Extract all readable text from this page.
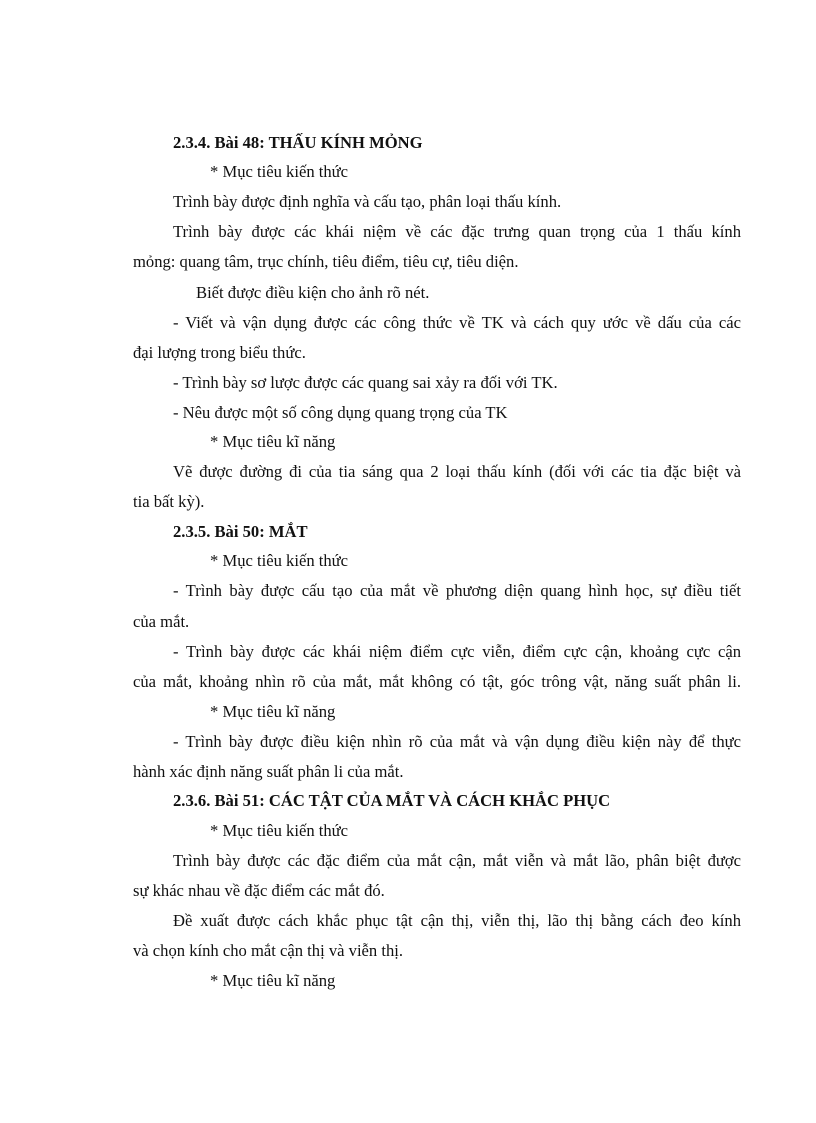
2.3.4. Bài 48: THẤU KÍNH MỎNG
* Mục tiêu kiến thức
Trình bày được định nghĩa và cấu tạo, phân loại thấu kính.
Trình bày được các khái niệm về các đặc trưng quan trọng của 1 thấu kính
mỏng: quang tâm, trục chính, tiêu điểm, tiêu cự, tiêu diện.
Biết được điều kiện cho ảnh rõ nét.
- Viết và vận dụng được các công thức về TK và cách quy ước về dấu của các
đại lượng trong biểu thức.
- Trình bày sơ lược được các quang sai xảy ra đối với TK.
- Nêu được một số công dụng quang trọng của TK
* Mục tiêu kĩ năng
Vẽ được đường đi của tia sáng qua 2 loại thấu kính (đối với các tia đặc biệt và
tia bất kỳ).
2.3.5. Bài 50: MẮT
* Mục tiêu kiến thức
- Trình bày được cấu tạo của mắt về phương diện quang hình học, sự điều tiết
của mắt.
- Trình bày được các khái niệm điểm cực viễn, điểm cực cận, khoảng cực cận
của mắt, khoảng nhìn rõ của mắt, mắt không có tật, góc trông vật, năng suất phân li.
* Mục tiêu kĩ năng
- Trình bày được điều kiện nhìn rõ của mắt và vận dụng điều kiện này để thực
hành xác định năng suất phân li của mắt.
2.3.6. Bài 51: CÁC TẬT CỦA MẮT VÀ CÁCH KHẮC PHỤC
* Mục tiêu kiến thức
Trình bày được các đặc điểm của mắt cận, mắt viễn và mắt lão, phân biệt được
sự khác nhau về đặc điểm các mắt đó.
Đề xuất được cách khắc phục tật cận thị, viễn thị, lão thị bằng cách đeo kính
và chọn kính cho mắt cận thị và viễn thị.
* Mục tiêu kĩ năng
